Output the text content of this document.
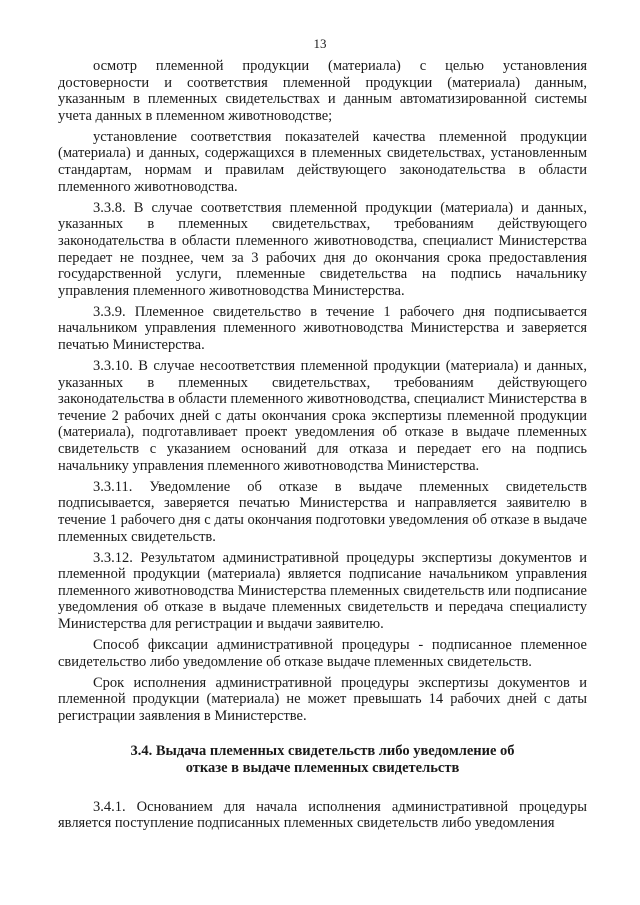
13

осмотр племенной продукции (материала) с целью установления достоверности и соответствия племенной продукции (материала) данным, указанным в племенных свидетельствах и данным автоматизированной системы учета данных в племенном животноводстве;

установление соответствия показателей качества племенной продукции (материала) и данных, содержащихся в племенных свидетельствах, установленным стандартам, нормам и правилам действующего законодательства в области племенного животноводства.

3.3.8. В случае соответствия племенной продукции (материала) и данных, указанных в племенных свидетельствах, требованиям действующего законодательства в области племенного животноводства, специалист Министерства передает не позднее, чем за 3 рабочих дня до окончания срока предоставления государственной услуги, племенные свидетельства на подпись начальнику управления племенного животноводства Министерства.

3.3.9. Племенное свидетельство в течение 1 рабочего дня подписывается начальником управления племенного животноводства Министерства и заверяется печатью Министерства.

3.3.10. В случае несоответствия племенной продукции (материала) и данных, указанных в племенных свидетельствах, требованиям действующего законодательства в области племенного животноводства, специалист Министерства в течение 2 рабочих дней с даты окончания срока экспертизы племенной продукции (материала), подготавливает проект уведомления об отказе в выдаче племенных свидетельств с указанием оснований для отказа и передает его на подпись начальнику управления племенного животноводства Министерства.

3.3.11. Уведомление об отказе в выдаче племенных свидетельств подписывается, заверяется печатью Министерства и направляется заявителю в течение 1 рабочего дня с даты окончания подготовки уведомления об отказе в выдаче племенных свидетельств.

3.3.12. Результатом административной процедуры экспертизы документов и племенной продукции (материала) является подписание начальником управления племенного животноводства Министерства племенных свидетельств или подписание уведомления об отказе в выдаче племенных свидетельств и передача специалисту Министерства для регистрации и выдачи заявителю.

Способ фиксации административной процедуры - подписанное племенное свидетельство либо уведомление об отказе выдаче племенных свидетельств.

Срок исполнения административной процедуры экспертизы документов и племенной продукции (материала) не может превышать 14 рабочих дней с даты регистрации заявления в Министерстве.

3.4. Выдача племенных свидетельств либо уведомление об
отказе в выдаче племенных свидетельств

3.4.1. Основанием для начала исполнения административной процедуры является поступление подписанных племенных свидетельств либо уведомления
